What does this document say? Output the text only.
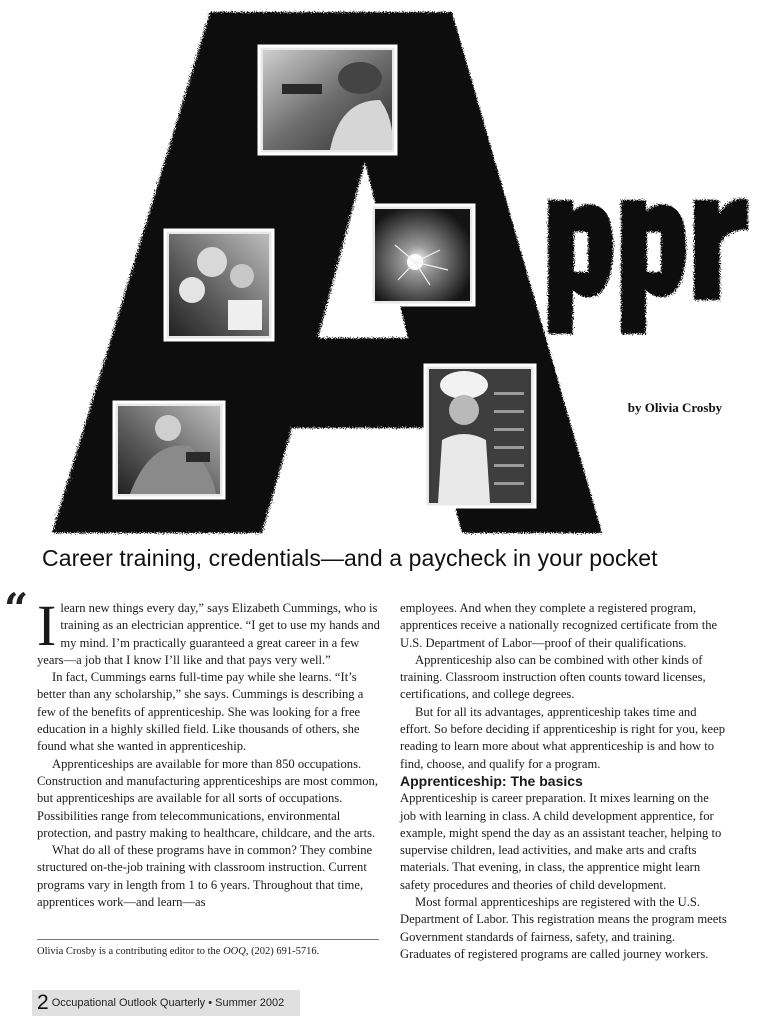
by Olivia Crosby
Career training, credentials—and a paycheck in your pocket
“ Ilearn new things every day,” says Elizabeth Cummings, who is training as an electrician apprentice. “I get to use my hands and my mind. I’m practically guaranteed a great career in a few years—a job that I know I’ll like and that pays very well.”

In fact, Cummings earns full-time pay while she learns. “It’s better than any scholarship,” she says. Cummings is describing a few of the benefits of apprenticeship. She was looking for a free education in a highly skilled field. Like thousands of others, she found what she wanted in apprenticeship.

Apprenticeships are available for more than 850 occupations. Construction and manufacturing apprenticeships are most common, but apprenticeships are available for all sorts of occupations. Possibilities range from telecommunications, environmental protection, and pastry making to healthcare, childcare, and the arts.

What do all of these programs have in common? They combine structured on-the-job training with classroom instruction. Current programs vary in length from 1 to 6 years. Throughout that time, apprentices work—and learn—as

employees. And when they complete a registered program, apprentices receive a nationally recognized certificate from the U.S. Department of Labor—proof of their qualifications.

Apprenticeship also can be combined with other kinds of training. Classroom instruction often counts toward licenses, certifications, and college degrees.

But for all its advantages, apprenticeship takes time and effort. So before deciding if apprenticeship is right for you, keep reading to learn more about what apprenticeship is and how to find, choose, and qualify for a program.

Apprenticeship: The basics

Apprenticeship is career preparation. It mixes learning on the job with learning in class. A child development apprentice, for example, might spend the day as an assistant teacher, helping to supervise children, lead activities, and make arts and crafts materials. That evening, in class, the apprentice might learn safety procedures and theories of child development.

Most formal apprenticeships are registered with the U.S. Department of Labor. This registration means the program meets Government standards of fairness, safety, and training. Graduates of registered programs are called journey workers.

Olivia Crosby is a contributing editor to the OOQ, (202) 691-5716.
2 Occupational Outlook Quarterly • Summer 2002
